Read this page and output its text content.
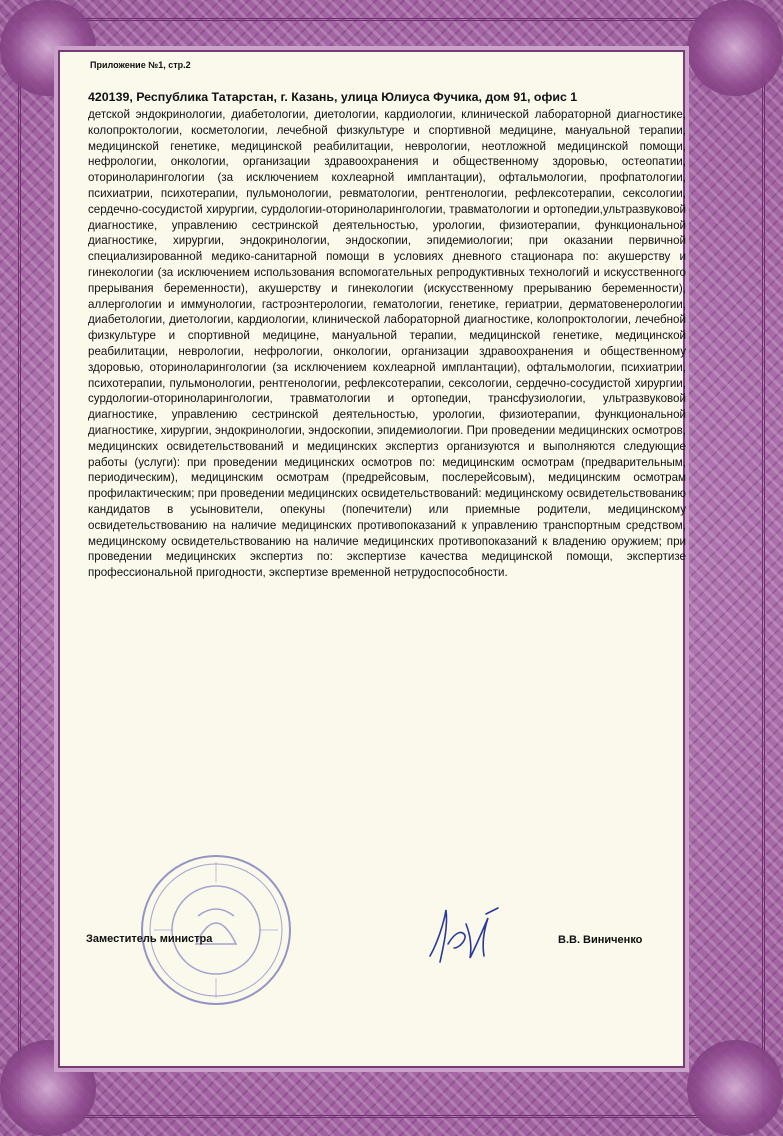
Приложение №1, стр.2
420139, Республика Татарстан, г. Казань, улица Юлиуса Фучика, дом 91, офис 1
детской эндокринологии, диабетологии, диетологии, кардиологии, клинической лабораторной диагностике, колопроктологии, косметологии, лечебной физкультуре и спортивной медицине, мануальной терапии, медицинской генетике, медицинской реабилитации, неврологии, неотложной медицинской помощи, нефрологии, онкологии, организации здравоохранения и общественному здоровью, остеопатии, оториноларингологии (за исключением кохлеарной имплантации), офтальмологии, профпатологии, психиатрии, психотерапии, пульмонологии, ревматологии, рентгенологии, рефлексотерапии, сексологии, сердечно-сосудистой хирургии, сурдологии-оториноларингологии, травматологии и ортопедии,ультразвуковой диагностике, управлению сестринской деятельностью, урологии, физиотерапии, функциональной диагностике, хирургии, эндокринологии, эндоскопии, эпидемиологии; при оказании первичной специализированной медико-санитарной помощи в условиях дневного стационара по: акушерству и гинекологии (за исключением использования вспомогательных репродуктивных технологий и искусственного прерывания беременности), акушерству и гинекологии (искусственному прерыванию беременности), аллергологии и иммунологии, гастроэнтерологии, гематологии, генетике, гериатрии, дерматовенерологии, диабетологии, диетологии, кардиологии, клинической лабораторной диагностике, колопроктологии, лечебной физкультуре и спортивной медицине, мануальной терапии, медицинской генетике, медицинской реабилитации, неврологии, нефрологии, онкологии, организации здравоохранения и общественному здоровью, оториноларингологии (за исключением кохлеарной имплантации), офтальмологии, психиатрии, психотерапии, пульмонологии, рентгенологии, рефлексотерапии, сексологии, сердечно-сосудистой хирургии, сурдологии-оториноларингологии, травматологии и ортопедии, трансфузиологии, ультразвуковой диагностике, управлению сестринской деятельностью, урологии, физиотерапии, функциональной диагностике, хирургии, эндокринологии, эндоскопии, эпидемиологии. При проведении медицинских осмотров, медицинских освидетельствований и медицинских экспертиз организуются и выполняются следующие работы (услуги): при проведении медицинских осмотров по: медицинским осмотрам (предварительным, периодическим), медицинским осмотрам (предрейсовым, послерейсовым), медицинским осмотрам профилактическим; при проведении медицинских освидетельствований: медицинскому освидетельствованию кандидатов в усыновители, опекуны (попечители) или приемные родители, медицинскому освидетельствованию на наличие медицинских противопоказаний к управлению транспортным средством, медицинскому освидетельствованию на наличие медицинских противопоказаний к владению оружием; при проведении медицинских экспертиз по: экспертизе качества медицинской помощи, экспертизе профессиональной пригодности, экспертизе временной нетрудоспособности.
Заместитель министра	В.В. Виниченко
